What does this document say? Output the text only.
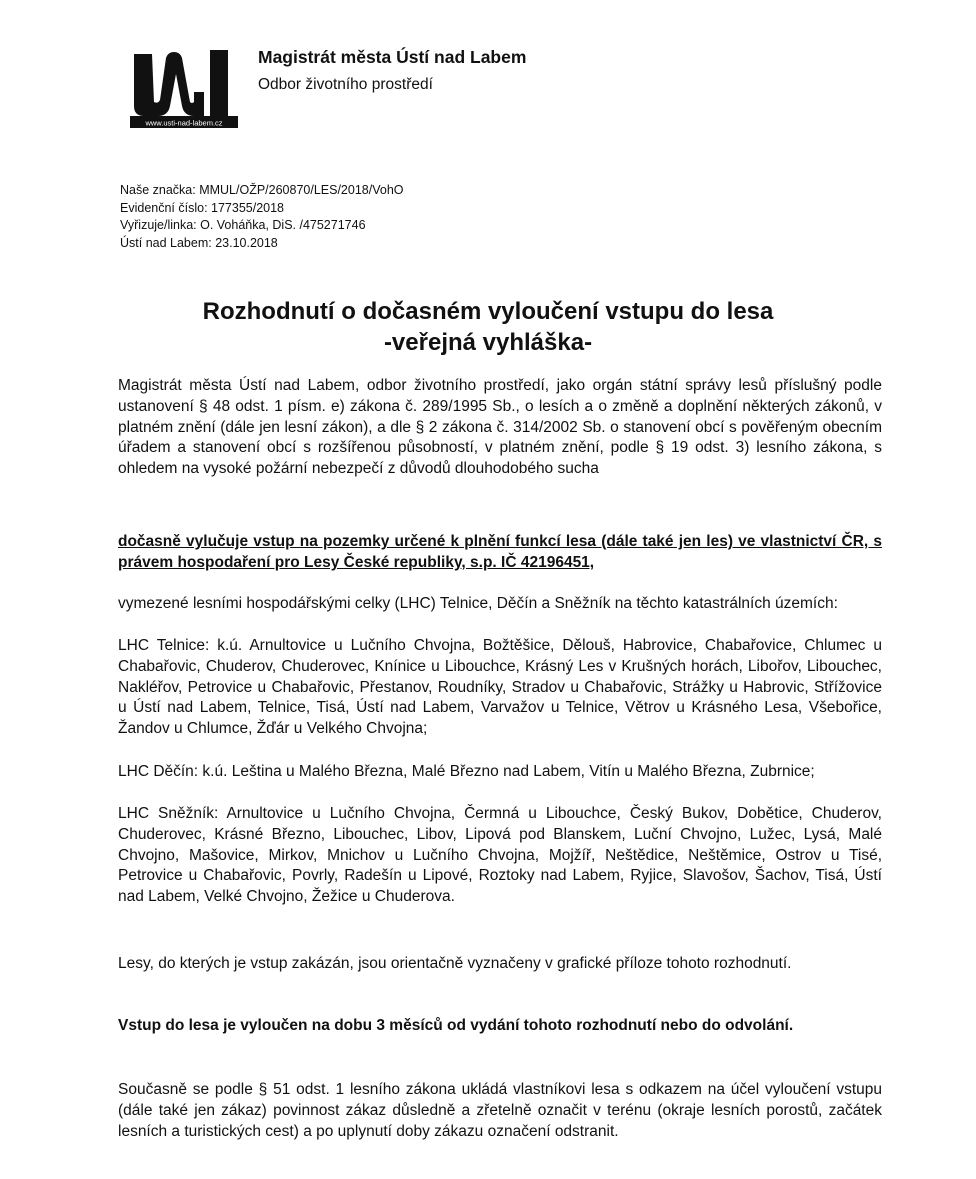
www.usti-nad-labem.cz
Magistrát města Ústí nad Labem
Odbor životního prostředí
Naše značka: MMUL/OŽP/260870/LES/2018/VohO
Evidenční číslo: 177355/2018
Vyřizuje/linka: O. Voháňka, DiS. /475271746
Ústí nad Labem: 23.10.2018
Rozhodnutí o dočasném vyloučení vstupu do lesa
-veřejná vyhláška-

Magistrát města Ústí nad Labem, odbor životního prostředí, jako orgán státní správy lesů příslušný podle ustanovení § 48 odst. 1 písm. e) zákona č. 289/1995 Sb., o lesích a o změně a doplnění některých zákonů, v platném znění (dále jen lesní zákon), a dle § 2 zákona č. 314/2002 Sb. o stanovení obcí s pověřeným obecním úřadem a stanovení obcí s rozšířenou působností, v platném znění, podle § 19 odst. 3) lesního zákona, s ohledem na vysoké požární nebezpečí z důvodů dlouhodobého sucha

dočasně vylučuje vstup na pozemky určené k plnění funkcí lesa (dále také jen les) ve vlastnictví ČR, s právem hospodaření pro Lesy České republiky, s.p. IČ 42196451,

vymezené lesními hospodářskými celky (LHC) Telnice, Děčín a Sněžník na těchto katastrálních územích:

LHC Telnice: k.ú. Arnultovice u Lučního Chvojna, Božtěšice, Dělouš, Habrovice, Chabařovice, Chlumec u Chabařovic, Chuderov, Chuderovec, Knínice u Libouchce, Krásný Les v Krušných horách, Libořov, Libouchec, Nakléřov, Petrovice u Chabařovic, Přestanov, Roudníky, Stradov u Chabařovic, Strážky u Habrovic, Střížovice u Ústí nad Labem, Telnice, Tisá, Ústí nad Labem, Varvažov u Telnice, Větrov u Krásného Lesa, Všebořice, Žandov u Chlumce, Žďár u Velkého Chvojna;

LHC Děčín: k.ú. Leština u Malého Března, Malé Březno nad Labem, Vitín u Malého Března, Zubrnice;

LHC Sněžník: Arnultovice u Lučního Chvojna, Čermná u Libouchce, Český Bukov, Dobětice, Chuderov, Chuderovec, Krásné Březno, Libouchec, Libov, Lipová pod Blanskem, Luční Chvojno, Lužec, Lysá, Malé Chvojno, Mašovice, Mirkov, Mnichov u Lučního Chvojna, Mojžíř, Neštědice, Neštěmice, Ostrov u Tisé, Petrovice u Chabařovic, Povrly, Radešín u Lipové, Roztoky nad Labem, Ryjice, Slavošov, Šachov, Tisá, Ústí nad Labem, Velké Chvojno, Žežice u Chuderova.

Lesy, do kterých je vstup zakázán, jsou orientačně vyznačeny v grafické příloze tohoto rozhodnutí.

Vstup do lesa je vyloučen na dobu 3 měsíců od vydání tohoto rozhodnutí nebo do odvolání.

Současně se podle § 51 odst. 1 lesního zákona ukládá vlastníkovi lesa s odkazem na účel vyloučení vstupu (dále také jen zákaz) povinnost zákaz důsledně a zřetelně označit v terénu (okraje lesních porostů, začátek lesních a turistických cest) a po uplynutí doby zákazu označení odstranit.
